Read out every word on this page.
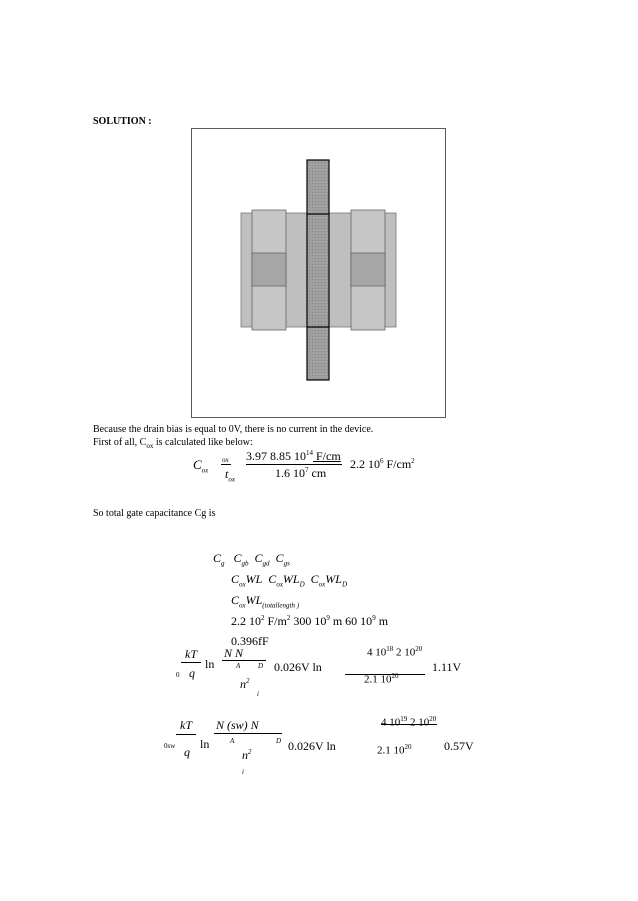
SOLUTION :
Because the drain bias is equal to 0V, there is no current in the device.
First of all, $C_{ox}$ is calculated like below:
$C_{ox}$
ox
$t_{ox}$
3.97 8.85 $10^{14}$ F/cm
1.6 $10^7$ cm
2.2 $10^6$ $F/cm^2$
So total gate capacitance Cg is
$C_g$ $C_{gb}$ $C_{gd}$ $C_{gs}$
$C_{ox}WL$ $C_{ox}WL_D$ $C_{ox}WL_D$
$C_{ox}WL_{(totallength )}$
2.2 $10^2$ $F/m^2$ 300 $10^9$ m 60 $10^9$ m
0.396fF
0
kT
q
ln
N N
A	D
$n^2$
i
0.026V ln
4 $10^{18}$ 2 $10^{20}$
2.1 $10^{20}$
1.11V
0sw
kT
q
ln
N (sw) N
A	D
$n^2$
i
0.026V ln
4 $10^{19}$ 2 $10^{20}$
2.1 $10^{20}$	0.57V
